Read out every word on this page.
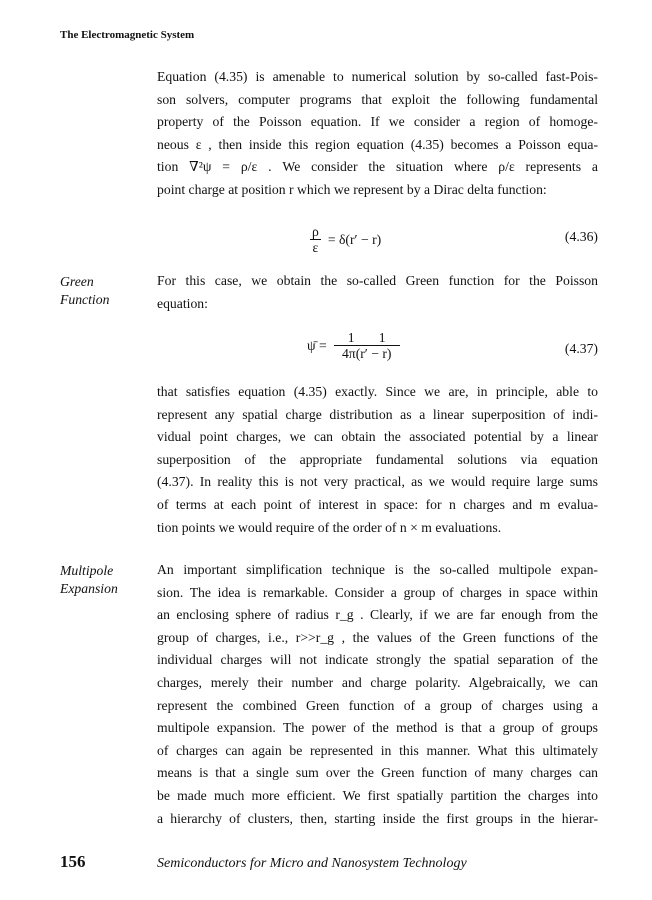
The Electromagnetic System
Equation (4.35) is amenable to numerical solution by so-called fast-Pois-
son solvers, computer programs that exploit the following fundamental
property of the Poisson equation. If we consider a region of homoge-
neous ε , then inside this region equation (4.35) becomes a Poisson equa-
tion ∇²ψ = ρ/ε . We consider the situation where ρ/ε represents a
point charge at position r which we represent by a Dirac delta function:
$\frac{\rho}{\varepsilon} = \delta(r' - r)$	(4.36)
Green
Function
For this case, we obtain the so-called Green function for the Poisson
equation:
ψ̄ = $\frac{1 1}{4\pi(r' - r)}$	(4.37)
that satisfies equation (4.35) exactly. Since we are, in principle, able to
represent any spatial charge distribution as a linear superposition of indi-
vidual point charges, we can obtain the associated potential by a linear
superposition of the appropriate fundamental solutions via equation
(4.37). In reality this is not very practical, as we would require large sums
of terms at each point of interest in space: for n charges and m evalua-
tion points we would require of the order of n × m evaluations.
Multipole
Expansion
An important simplification technique is the so-called multipole expan-
sion. The idea is remarkable. Consider a group of charges in space within
an enclosing sphere of radius r_g . Clearly, if we are far enough from the
group of charges, i.e., r>>r_g , the values of the Green functions of the
individual charges will not indicate strongly the spatial separation of the
charges, merely their number and charge polarity. Algebraically, we can
represent the combined Green function of a group of charges using a
multipole expansion. The power of the method is that a group of groups
of charges can again be represented in this manner. What this ultimately
means is that a single sum over the Green function of many charges can
be made much more efficient. We first spatially partition the charges into
a hierarchy of clusters, then, starting inside the first groups in the hierar-
156	Semiconductors for Micro and Nanosystem Technology
